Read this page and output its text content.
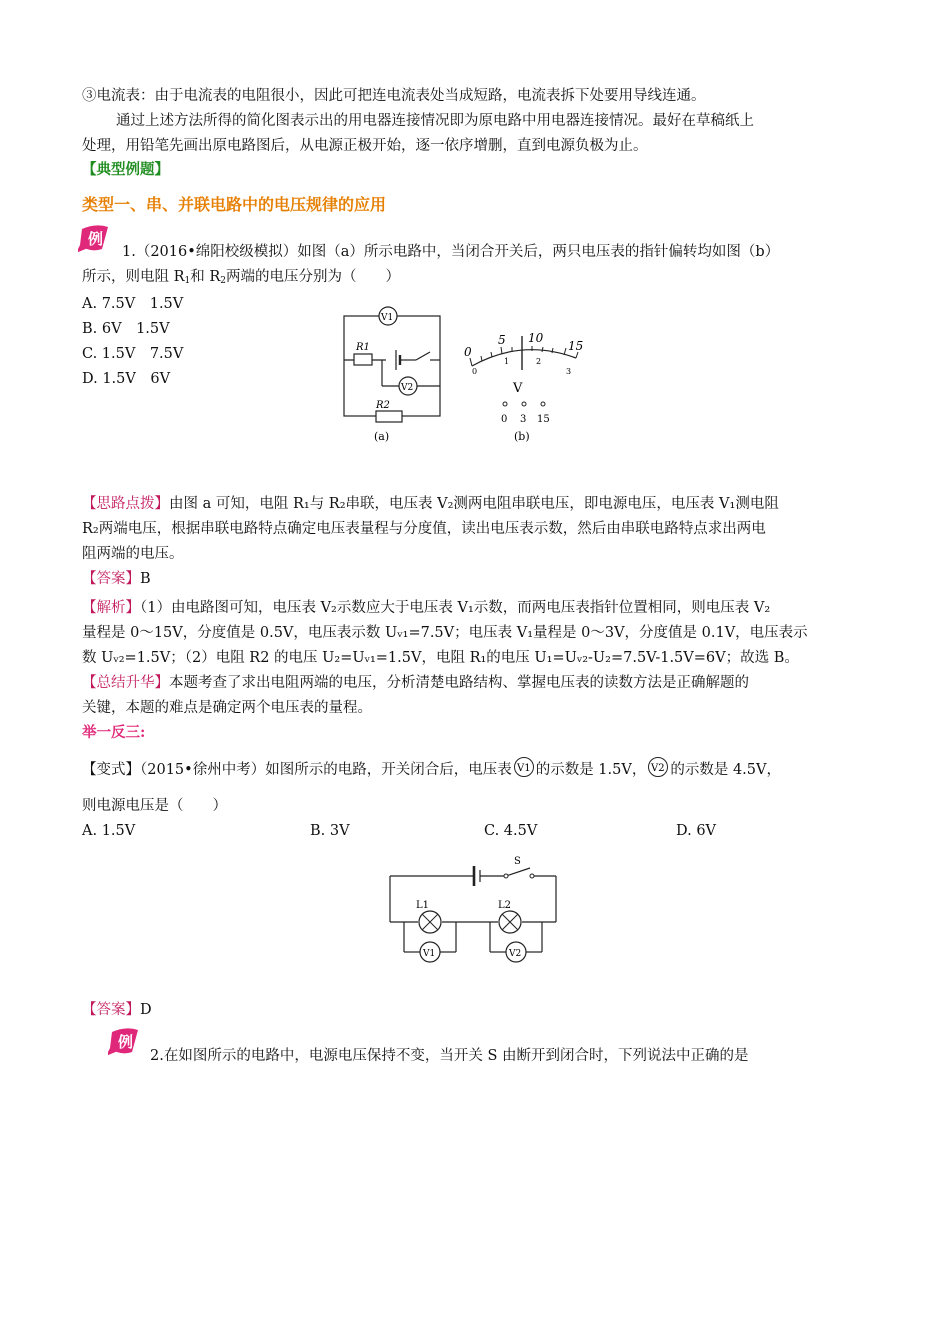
③电流表：由于电流表的电阻很小，因此可把连电流表处当成短路，电流表拆下处要用导线连通。
通过上述方法所得的简化图表示出的用电器连接情况即为原电路中用电器连接情况。最好在草稿纸上
处理，用铅笔先画出原电路图后，从电源正极开始，逐一依序增删，直到电源负极为止。
【典型例题】
类型一、串、并联电路中的电压规律的应用
例
1.（2016•绵阳校级模拟）如图（a）所示电路中，当闭合开关后，两只电压表的指针偏转均如图（b）
所示，则电阻 $R_1$和 $R_2$两端的电压分别为（　　）
A. 7.5V　1.5V
B. 6V　1.5V
C. 1.5V　7.5V
D. 1.5V　6V
V1
V2
R1
R2
(a)
0
5 10
15
0
1	2
3
V
0 3 15
(b)
【思路点拨】由图 a 可知，电阻 R₁与 R₂串联，电压表 V₂测两电阻串联电压，即电源电压，电压表 V₁测电阻
R₂两端电压，根据串联电路特点确定电压表量程与分度值，读出电压表示数，然后由串联电路特点求出两电
阻两端的电压。
【答案】B
【解析】（1）由电路图可知，电压表 V₂示数应大于电压表 V₁示数，而两电压表指针位置相同，则电压表 V₂
量程是 0～15V，分度值是 0.5V，电压表示数 Uᵥ₁=7.5V；电压表 V₁量程是 0～3V，分度值是 0.1V，电压表示
数 Uᵥ₂=1.5V；（2）电阻 R2 的电压 U₂=Uᵥ₁=1.5V，电阻 R₁的电压 U₁=Uᵥ₂-U₂=7.5V-1.5V=6V；故选 B。
【总结升华】本题考查了求出电阻两端的电压，分析清楚电路结构、掌握电压表的读数方法是正确解题的
关键，本题的难点是确定两个电压表的量程。
举一反三:
【变式】（2015•徐州中考）如图所示的电路，开关闭合后，电压表 V1 的示数是 1.5V， V2 的示数是 4.5V，
则电源电压是（　　）
A. 1.5V	B. 3V	C. 4.5V	D. 6V
S
L1	L2
V1	V2
【答案】D
例
2.在如图所示的电路中，电源电压保持不变，当开关 S 由断开到闭合时，下列说法中正确的是
